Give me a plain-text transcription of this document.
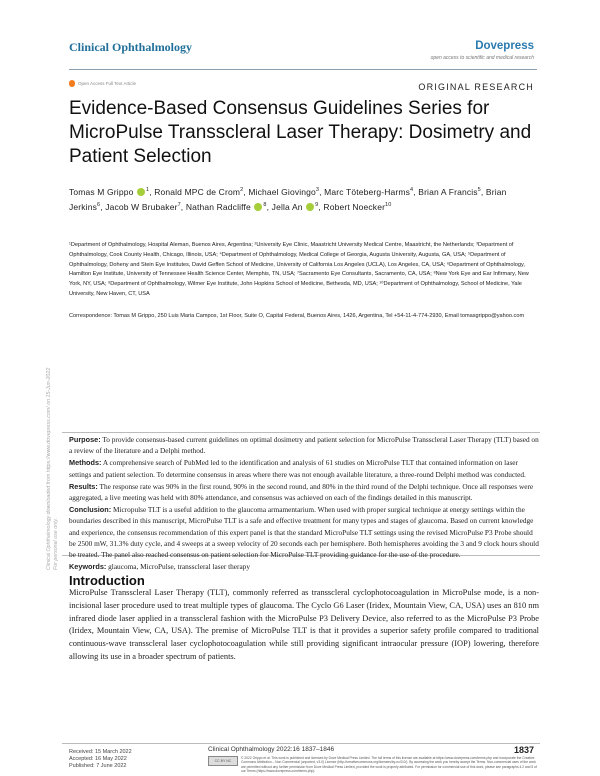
Clinical Ophthalmology	Dovepress
open access to scientific and medical research
Open Access Full Text Article	ORIGINAL RESEARCH
Evidence-Based Consensus Guidelines Series for MicroPulse Transscleral Laser Therapy: Dosimetry and Patient Selection
Tomas M Grippo $^1$, Ronald MPC de Crom$^2$, Michael Giovingo$^3$, Marc Töteberg-Harms$^4$, Brian A Francis$^5$, Brian Jerkins$^6$, Jacob W Brubaker$^7$, Nathan Radcliffe $^8$, Jella An $^9$, Robert Noecker$^{10}$
¹Department of Ophthalmology, Hospital Aleman, Buenos Aires, Argentina; ²University Eye Clinic, Maastricht University Medical Centre, Maastricht, the Netherlands; ³Department of Ophthalmology, Cook County Health, Chicago, Illinois, USA; ⁴Department of Ophthalmology, Medical College of Georgia, Augusta University, Augusta, GA, USA; ⁵Department of Ophthalmology, Doheny and Stein Eye Institutes, David Geffen School of Medicine, University of California Los Angeles (UCLA), Los Angeles, CA, USA; ⁶Department of Ophthalmology, Hamilton Eye Institute, University of Tennessee Health Science Center, Memphis, TN, USA; ⁷Sacramento Eye Consultants, Sacramento, CA, USA; ⁸New York Eye and Ear Infirmary, New York, NY, USA; ⁹Department of Ophthalmology, Wilmer Eye Institute, John Hopkins School of Medicine, Bethesda, MD, USA; ¹⁰Department of Ophthalmology, School of Medicine, Yale University, New Haven, CT, USA
Correspondence: Tomas M Grippo, 250 Luis Maria Campos, 1st Floor, Suite O, Capital Federal, Buenos Aires, 1426, Argentina, Tel +54-11-4-774-2930, Email tomasgrippo@yahoo.com
Clinical Ophthalmology downloaded from https://www.dovepress.com/ on 15-Jun-2022 For personal use only.

Purpose: To provide consensus-based current guidelines on optimal dosimetry and patient selection for MicroPulse Transscleral Laser Therapy (TLT) based on a review of the literature and a Delphi method.

Methods: A comprehensive search of PubMed led to the identification and analysis of 61 studies on MicroPulse TLT that contained information on laser settings and patient selection. To determine consensus in areas where there was not enough available literature, a three-round Delphi method was conducted.

Results: The response rate was 90% in the first round, 90% in the second round, and 80% in the third round of the Delphi technique. Once all responses were aggregated, a live meeting was held with 80% attendance, and consensus was achieved on each of the findings detailed in this manuscript.

Conclusion: Micropulse TLT is a useful addition to the glaucoma armamentarium. When used with proper surgical technique at energy settings within the boundaries described in this manuscript, MicroPulse TLT is a safe and effective treatment for many types and stages of glaucoma. Based on current knowledge and experience, the consensus recommendation of this expert panel is that the standard MicroPulse TLT settings using the revised MicroPulse P3 Probe should be 2500 mW, 31.3% duty cycle, and 4 sweeps at a sweep velocity of 20 seconds each per hemisphere. Both hemispheres avoiding the 3 and 9 clock hours should be treated. The panel also reached consensus on patient selection for MicroPulse TLT providing guidance for the use of the procedure.

Keywords: glaucoma, MicroPulse, transscleral laser therapy

Introduction
MicroPulse Transscleral Laser Therapy (TLT), commonly referred as transscleral cyclophotocoagulation in MicroPulse mode, is a non-incisional laser procedure used to treat multiple types of glaucoma. The Cyclo G6 Laser (Iridex, Mountain View, CA, USA) uses an 810 nm infrared diode laser applied in a transscleral fashion with the MicroPulse P3 Delivery Device, also referred to as the MicroPulse P3 Probe (Iridex, Mountain View, CA, USA). The premise of MicroPulse TLT is that it provides a superior safety profile compared to traditional continuous-wave transscleral laser cyclophotocoagulation while still providing significant intraocular pressure (IOP) lowering, therefore allowing its use in a broader spectrum of patients.
Received: 15 March 2022
Accepted: 16 May 2022
Published: 7 June 2022
Clinical Ophthalmology 2022:16 1837–1846	1837
CC BY NC
© 2022 Grippo et al. This work is published and licensed by Dove Medical Press Limited. The full terms of this license are available at https://www.dovepress.com/terms.php and incorporate the Creative Commons Attribution – Non Commercial (unported, v3.0) License (http://creativecommons.org/licenses/by-nc/3.0/). By accessing the work you hereby accept the Terms. Non-commercial uses of the work are permitted without any further permission from Dove Medical Press Limited, provided the work is properly attributed. For permission for commercial use of this work, please see paragraphs 4.2 and 5 of our Terms (https://www.dovepress.com/terms.php).
